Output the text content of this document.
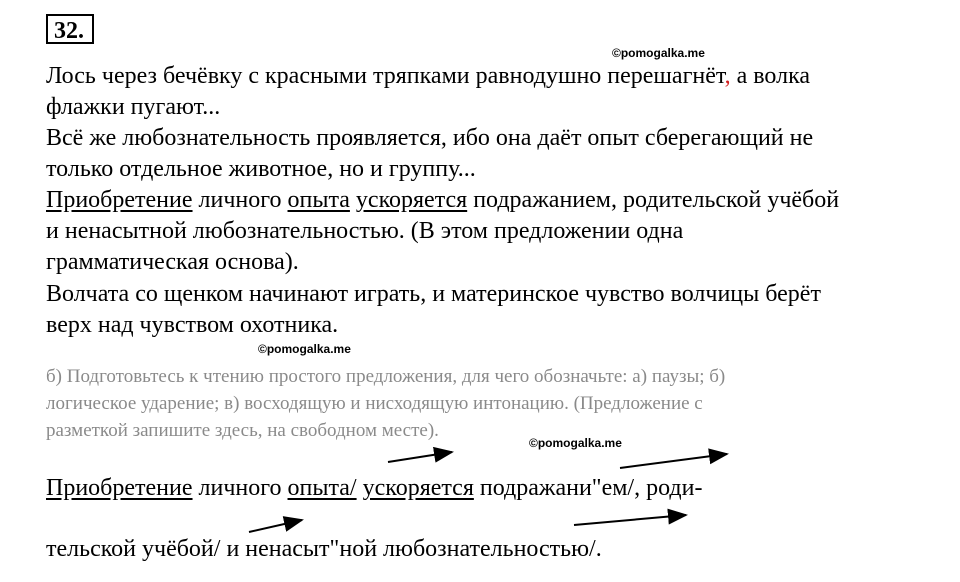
32.
©pomogalka.me
Лось через бечёвку с красными тряпками равнодушно перешагнёт, а волка
флажки пугают...
Всё же любознательность проявляется, ибо она даёт опыт сберегающий не
только отдельное животное, но и группу...
Приобретение личного опыта ускоряется подражанием, родительской учёбой
и ненасытной любознательностью. (В этом предложении одна
грамматическая основа).
Волчата со щенком начинают играть, и материнское чувство волчицы берёт
верх над чувством охотника.
©pomogalka.me
б) Подготовьтесь к чтению простого предложения, для чего обозначьте: а) паузы; б)
логическое ударение; в) восходящую и нисходящую интонацию. (Предложение с
разметкой запишите здесь, на свободном месте).
©pomogalka.me
Приобретение личного опыта/ ускоряется подражани"ем/, роди-
тельской учёбой/ и ненасыт"ной любознательностью/.
